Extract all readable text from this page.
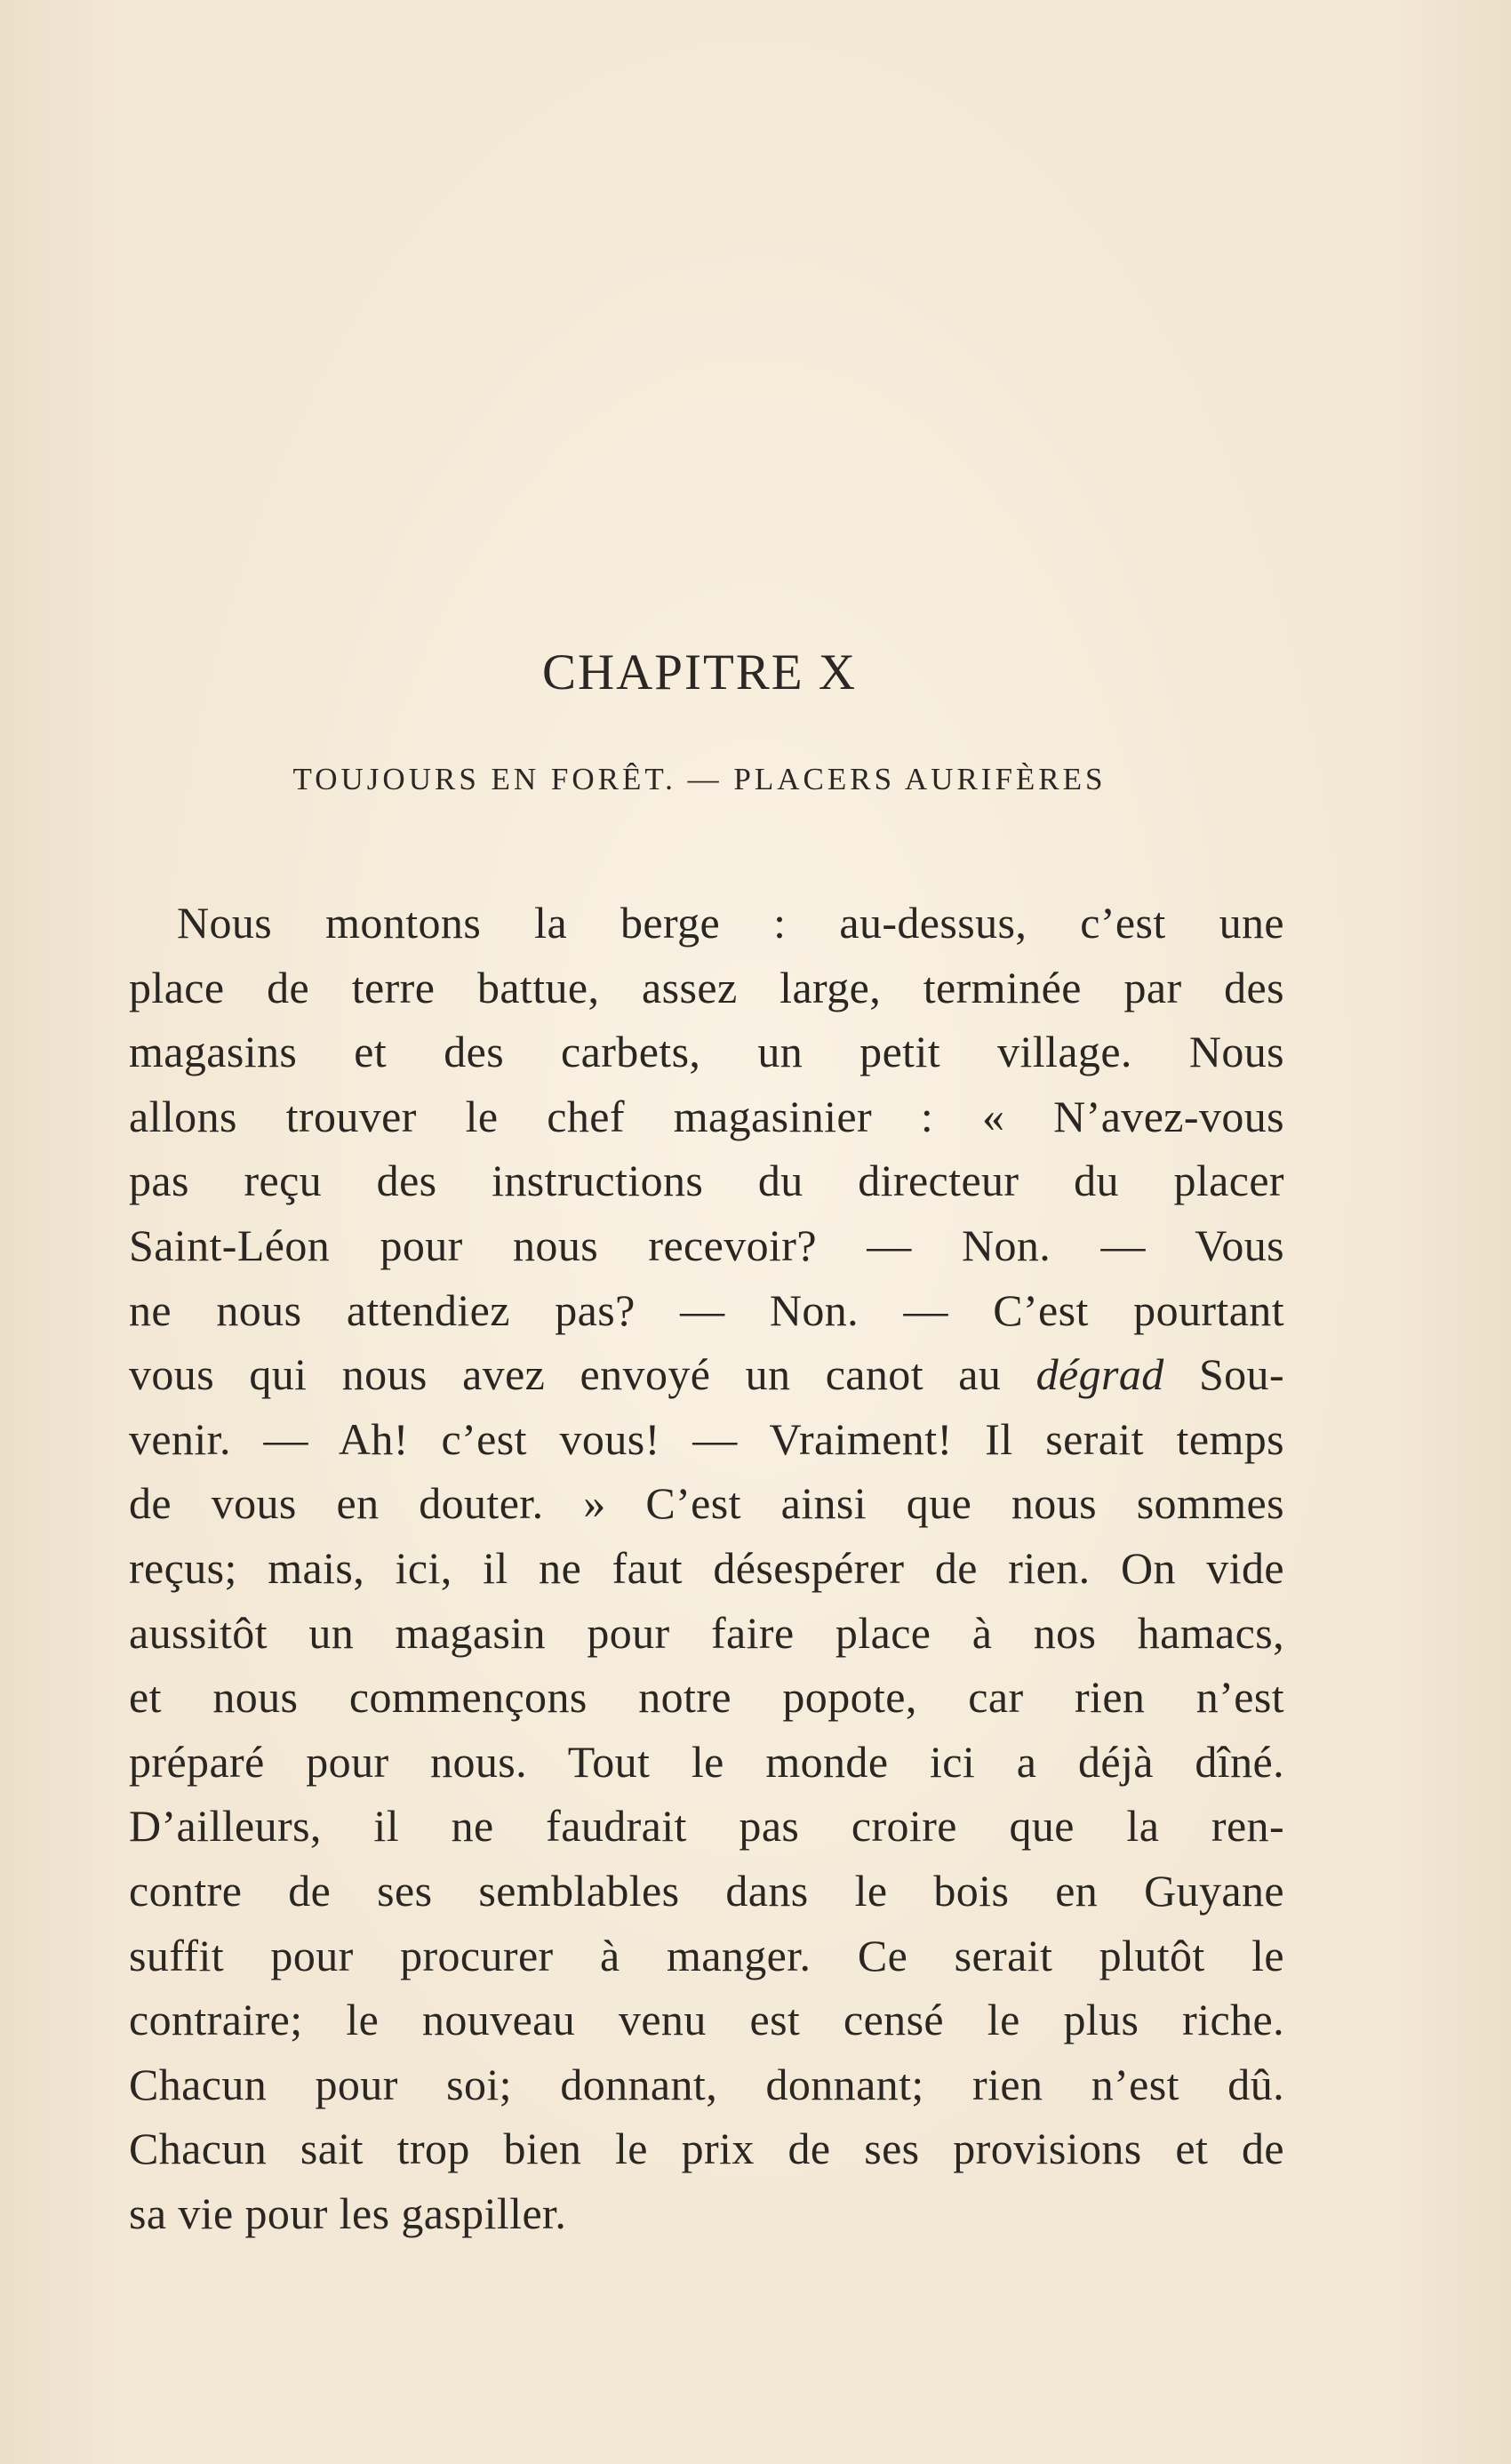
CHAPITRE X
TOUJOURS EN FORÊT. — PLACERS AURIFÈRES
Nous montons la berge : au-dessus, c’est une
place de terre battue, assez large, terminée par des
magasins et des carbets, un petit village. Nous
allons trouver le chef magasinier : « N’avez-vous
pas reçu des instructions du directeur du placer
Saint-Léon pour nous recevoir? — Non. — Vous
ne nous attendiez pas? — Non. — C’est pourtant
vous qui nous avez envoyé un canot au dégrad Sou-
venir. — Ah! c’est vous! — Vraiment! Il serait temps
de vous en douter. » C’est ainsi que nous sommes
reçus; mais, ici, il ne faut désespérer de rien. On vide
aussitôt un magasin pour faire place à nos hamacs,
et nous commençons notre popote, car rien n’est
préparé pour nous. Tout le monde ici a déjà dîné.
D’ailleurs, il ne faudrait pas croire que la ren-
contre de ses semblables dans le bois en Guyane
suffit pour procurer à manger. Ce serait plutôt le
contraire; le nouveau venu est censé le plus riche.
Chacun pour soi; donnant, donnant; rien n’est dû.
Chacun sait trop bien le prix de ses provisions et de
sa vie pour les gaspiller.
